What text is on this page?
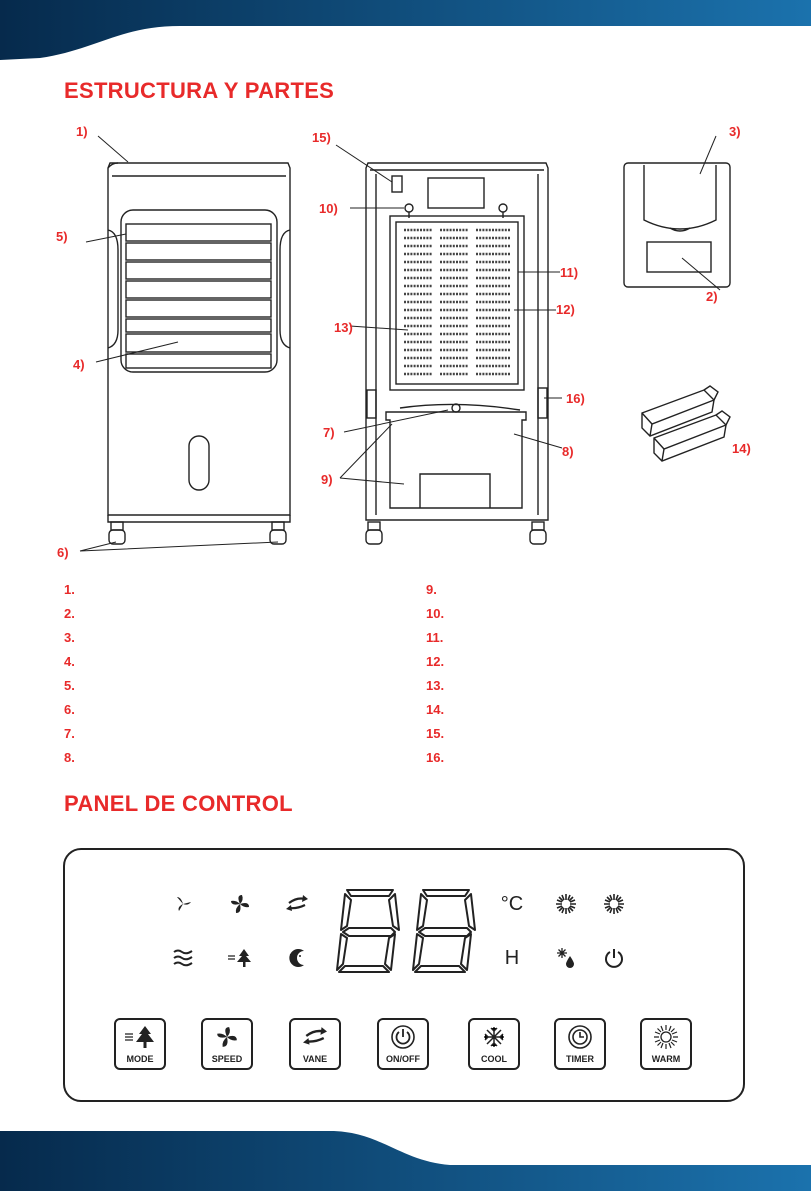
ESTRUCTURA Y PARTES
1)
2)
3)
4)
5)
6)
7)
8)
9)
10)
11)
12)
13)
14)
15)
16)
1.
2.
3.
4.
5.
6.
7.
8.
9.
10.
11.
12.
13.
14.
15.
16.
PANEL DE CONTROL
°C
H
MODE	SPEED	VANE	ON/OFF	COOL	TIMER	WARM
